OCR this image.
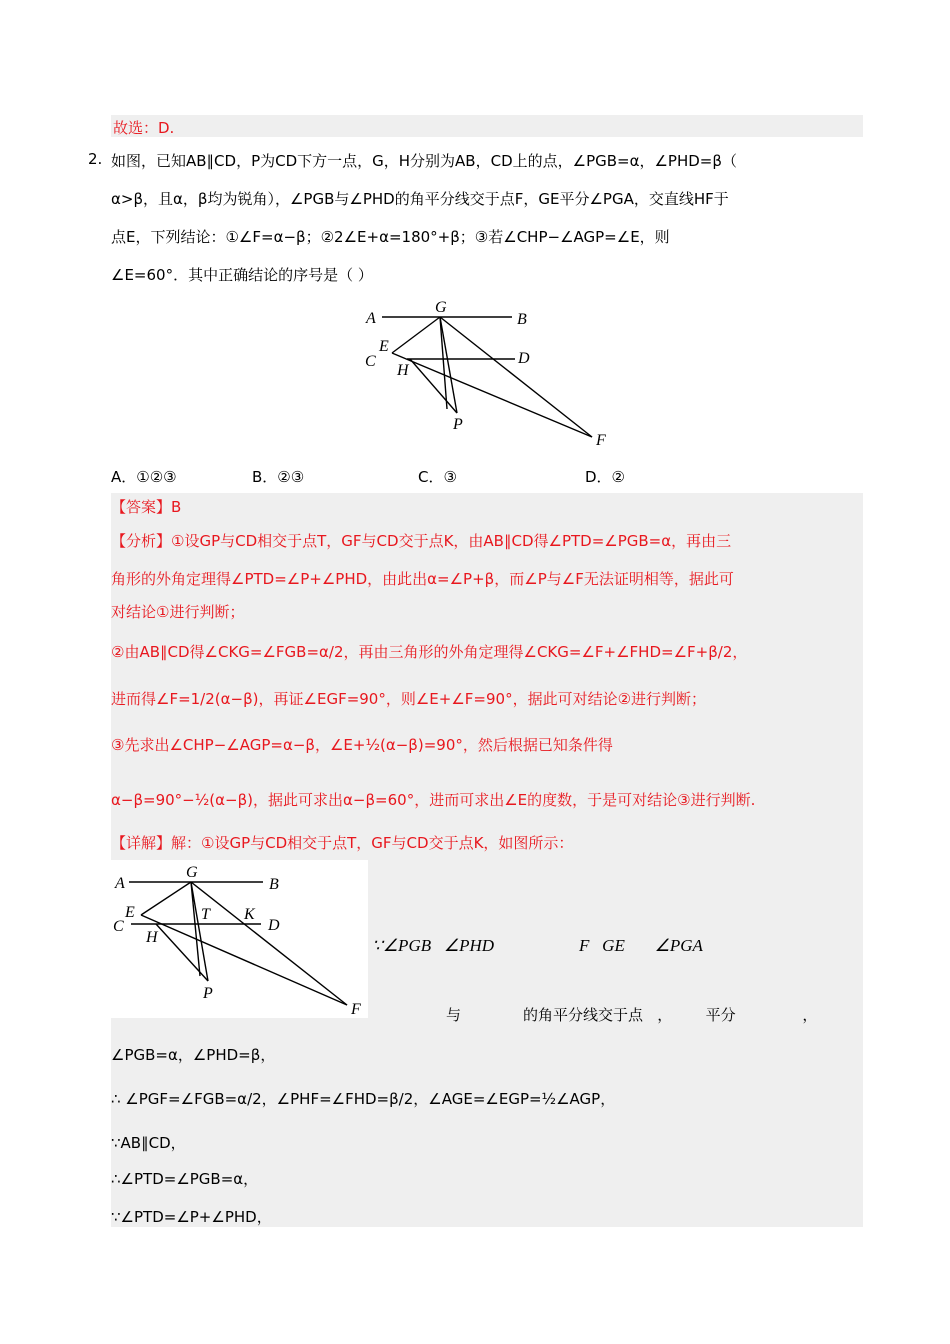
故选：D.
2. 如图，已知AB∥CD，P为CD下方一点，G，H分别为AB，CD上的点，∠PGB=α，∠PHD=β（
α>β，且α，β均为锐角），∠PGB与∠PHD的角平分线交于点F，GE平分∠PGA，交直线HF于
点E，下列结论：①∠F=α−β；②2∠E+α=180°+β；③若∠CHP−∠AGP=∠E，则
∠E=60°．其中正确结论的序号是（ ）
A
G
B
E
C	D
H
P
F
A．①②③	B．②③	C．③	D．②
【答案】B
【分析】①设GP与CD相交于点T，GF与CD交于点K，由AB∥CD得∠PTD=∠PGB=α，再由三
角形的外角定理得∠PTD=∠P+∠PHD，由此出α=∠P+β，而∠P与∠F无法证明相等，据此可
对结论①进行判断；
②由AB∥CD得∠CKG=∠FGB=α/2，再由三角形的外角定理得∠CKG=∠F+∠FHD=∠F+β/2，
进而得∠F=1/2(α−β)，再证∠EGF=90°，则∠E+∠F=90°，据此可对结论②进行判断；
③先求出∠CHP−∠AGP=α−β，∠E+½(α−β)=90°，然后根据已知条件得
α−β=90°−½(α−β)，据此可求出α−β=60°，进而可求出∠E的度数，于是可对结论③进行判断.
【详解】解：①设GP与CD相交于点T，GF与CD交于点K，如图所示：
A
G
B
E	T K
C	D
H
P
F
∵∠PGB   ∠PHD                    F   GE       ∠PGA
与             的角平分线交于点   ，       平分              ，
∠PGB=α，∠PHD=β，
∴ ∠PGF=∠FGB=α/2，∠PHF=∠FHD=β/2，∠AGE=∠EGP=½∠AGP，
∵AB∥CD，
∴∠PTD=∠PGB=α，
∵∠PTD=∠P+∠PHD，
